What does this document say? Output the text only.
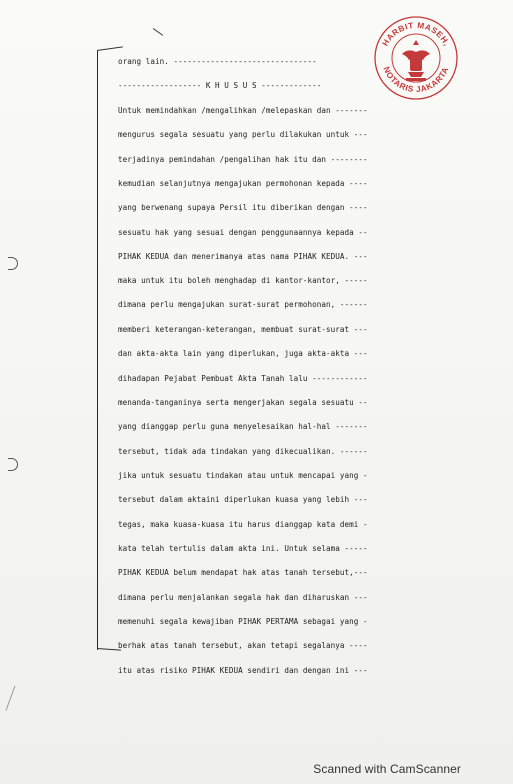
HARBIT MASEH,
NOTARIS JAKARTA
orang lain. -------------------------------
------------------ K H U S U S -------------
Untuk memindahkan /mengalihkan /melepaskan dan -------
mengurus segala sesuatu yang perlu dilakukan untuk ---
terjadinya pemindahan /pengalihan hak itu dan --------
kemudian selanjutnya mengajukan permohonan kepada ----
yang berwenang supaya Persil itu diberikan dengan ----
sesuatu hak yang sesuai dengan penggunaannya kepada --
PIHAK KEDUA dan menerimanya atas nama PIHAK KEDUA. ---
maka untuk itu boleh menghadap di kantor-kantor, -----
dimana perlu mengajukan surat-surat permohonan, ------
memberi keterangan-keterangan, membuat surat-surat ---
dan akta-akta lain yang diperlukan, juga akta-akta ---
dihadapan Pejabat Pembuat Akta Tanah lalu ------------
menanda-tanganinya serta mengerjakan segala sesuatu --
yang dianggap perlu guna menyelesaikan hal-hal -------
tersebut, tidak ada tindakan yang dikecualikan. ------
jika untuk sesuatu tindakan atau untuk mencapai yang -
tersebut dalam aktaini diperlukan kuasa yang lebih ---
tegas, maka kuasa-kuasa itu harus dianggap kata demi -
kata telah tertulis dalam akta ini. Untuk selama -----
PIHAK KEDUA belum mendapat hak atas tanah tersebut,---
dimana perlu menjalankan segala hak dan diharuskan ---
memenuhi segala kewajiban PIHAK PERTAMA sebagai yang -
berhak atas tanah tersebut, akan tetapi segalanya ----
itu atas risiko PIHAK KEDUA sendiri dan dengan ini ---
Scanned with CamScanner
